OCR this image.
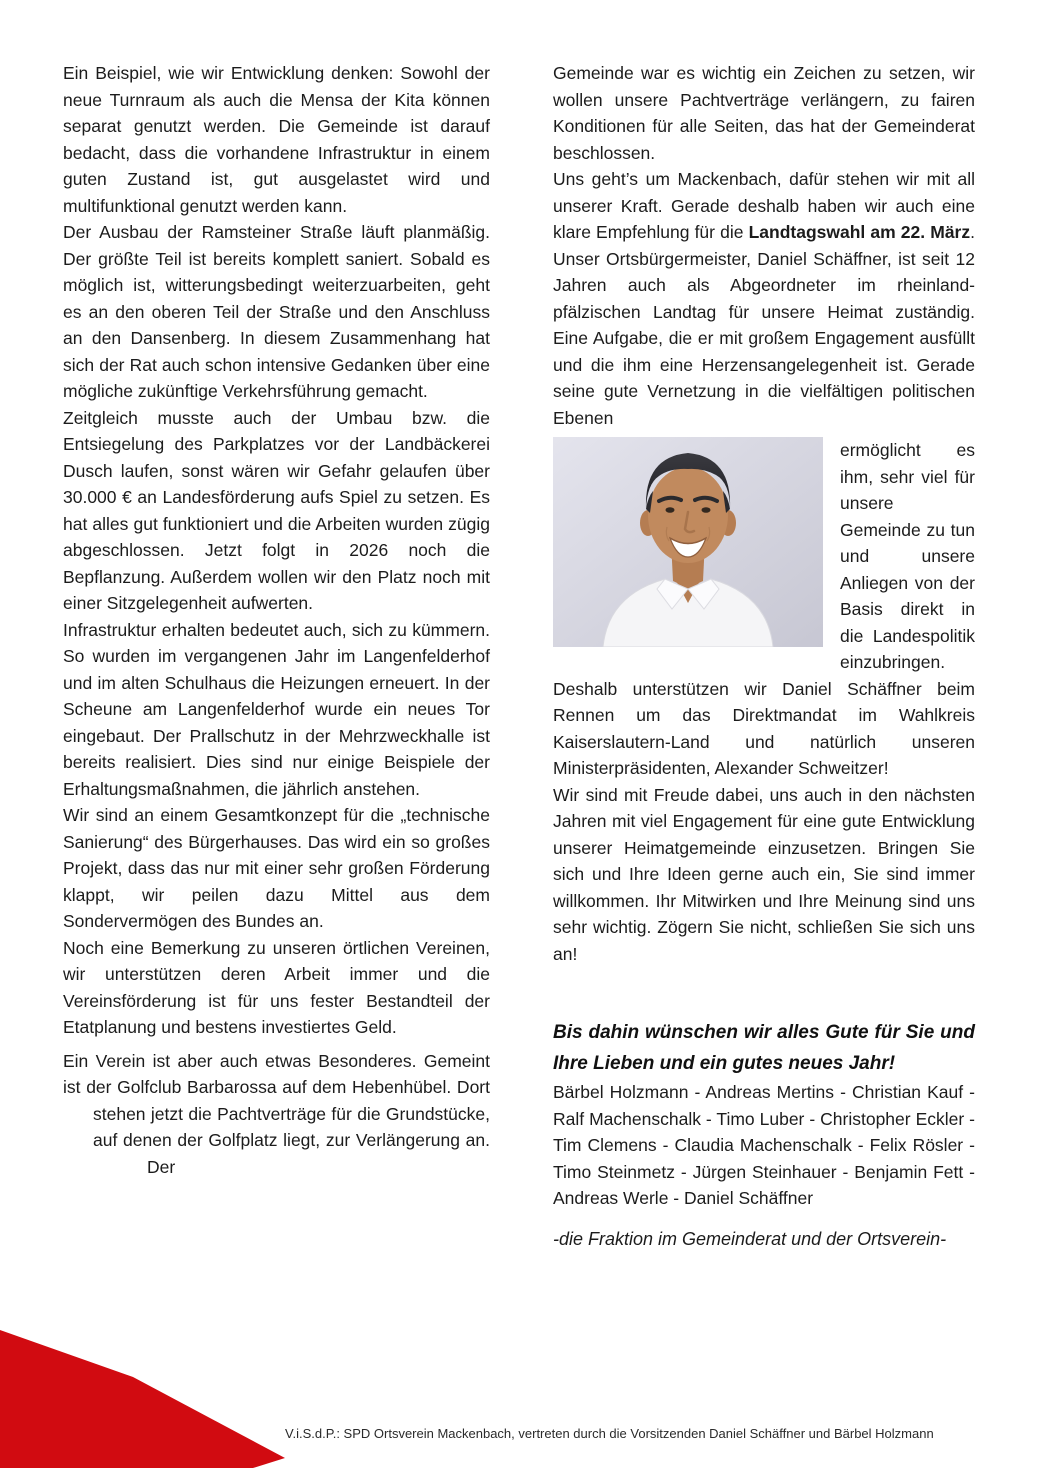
Ein Beispiel, wie wir Entwicklung denken: Sowohl der neue Turnraum als auch die Mensa der Kita können separat genutzt werden. Die Gemeinde ist darauf bedacht, dass die vorhandene Infrastruktur in einem guten Zustand ist, gut ausgelastet wird und multifunktional genutzt werden kann.

Der Ausbau der Ramsteiner Straße läuft planmäßig. Der größte Teil ist bereits komplett saniert. Sobald es möglich ist, witterungsbedingt weiterzuarbeiten, geht es an den oberen Teil der Straße und den Anschluss an den Dansenberg. In diesem Zusammenhang hat sich der Rat auch schon intensive Gedanken über eine mögliche zukünftige Verkehrsführung gemacht.

Zeitgleich musste auch der Umbau bzw. die Entsiegelung des Parkplatzes vor der Landbäckerei Dusch laufen, sonst wären wir Gefahr gelaufen über 30.000 € an Landesförderung aufs Spiel zu setzen. Es hat alles gut funktioniert und die Arbeiten wurden zügig abgeschlossen. Jetzt folgt in 2026 noch die Bepflanzung. Außerdem wollen wir den Platz noch mit einer Sitzgelegenheit aufwerten.

Infrastruktur erhalten bedeutet auch, sich zu kümmern. So wurden im vergangenen Jahr im Langenfelderhof und im alten Schulhaus die Heizungen erneuert. In der Scheune am Langenfelderhof wurde ein neues Tor eingebaut. Der Prallschutz in der Mehrzweckhalle ist bereits realisiert. Dies sind nur einige Beispiele der Erhaltungsmaßnahmen, die jährlich anstehen.

Wir sind an einem Gesamtkonzept für die „technische Sanierung“ des Bürgerhauses. Das wird ein so großes Projekt, dass das nur mit einer sehr großen Förderung klappt, wir peilen dazu Mittel aus dem Sondervermögen des Bundes an.

Noch eine Bemerkung zu unseren örtlichen Vereinen, wir unterstützen deren Arbeit immer und die Vereinsförderung ist für uns fester Bestandteil der Etatplanung und bestens investiertes Geld.

Ein Verein ist aber auch etwas Besonderes. Gemeint ist der Golfclub Barbarossa auf dem Hebenhübel. Dort stehen jetzt die Pachtverträge für die Grundstücke, auf denen der Golfplatz liegt, zur Verlängerung an. Der

Gemeinde war es wichtig ein Zeichen zu setzen, wir wollen unsere Pachtverträge verlängern, zu fairen Konditionen für alle Seiten, das hat der Gemeinderat beschlossen.

Uns geht’s um Mackenbach, dafür stehen wir mit all unserer Kraft. Gerade deshalb haben wir auch eine klare Empfehlung für die Landtagswahl am 22. März. Unser Ortsbürgermeister, Daniel Schäffner, ist seit 12 Jahren auch als Abgeordneter im rheinland-pfälzischen Landtag für unsere Heimat zuständig. Eine Aufgabe, die er mit großem Engagement ausfüllt und die ihm eine Herzensangelegenheit ist. Gerade seine gute Vernetzung in die vielfältigen politischen Ebenen

ermöglicht es ihm, sehr viel für unsere Gemeinde zu tun und unsere Anliegen von der Basis direkt in die Landespolitik einzubringen.

Deshalb unterstützen wir Daniel Schäffner beim Rennen um das Direktmandat im Wahlkreis Kaiserslautern-Land und natürlich unseren Ministerpräsidenten, Alexander Schweitzer!

Wir sind mit Freude dabei, uns auch in den nächsten Jahren mit viel Engagement für eine gute Entwicklung unserer Heimatgemeinde einzusetzen. Bringen Sie sich und Ihre Ideen gerne auch ein, Sie sind immer willkommen. Ihr Mitwirken und Ihre Meinung sind uns sehr wichtig. Zögern Sie nicht, schließen Sie sich uns an!

Bis dahin wünschen wir alles Gute für Sie und Ihre Lieben und ein gutes neues Jahr!

Bärbel Holzmann - Andreas Mertins - Christian Kauf - Ralf Machenschalk - Timo Luber - Christopher Eckler - Tim Clemens - Claudia Machenschalk - Felix Rösler - Timo Steinmetz - Jürgen Steinhauer - Benjamin Fett - Andreas Werle - Daniel Schäffner

-die Fraktion im Gemeinderat und der Ortsverein-

V.i.S.d.P.: SPD Ortsverein Mackenbach, vertreten durch die Vorsitzenden Daniel Schäffner und Bärbel Holzmann
